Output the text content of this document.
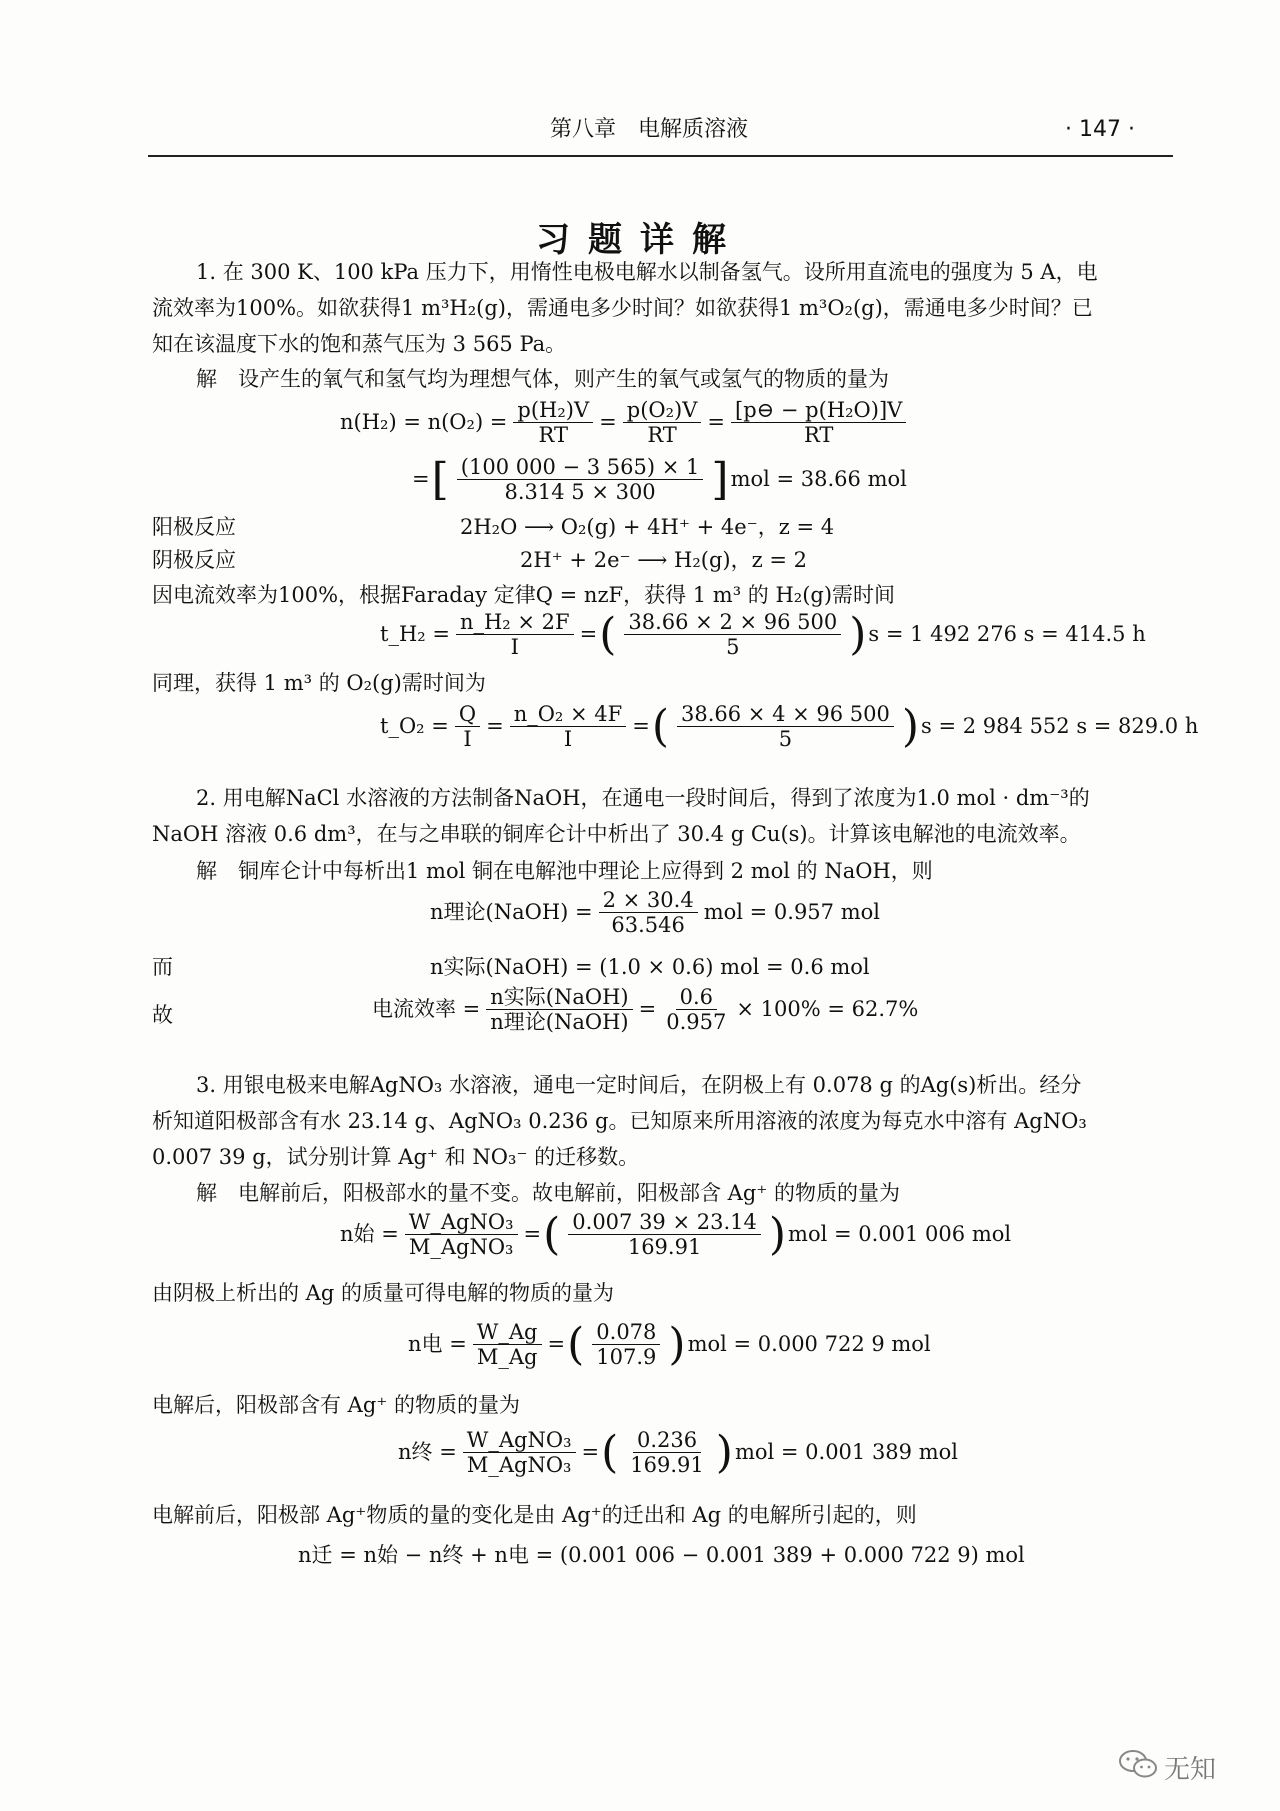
第八章　电解质溶液	· 147 ·
习题详解
1. 在 300 K、100 kPa 压力下，用惰性电极电解水以制备氢气。设所用直流电的强度为 5 A，电
流效率为100%。如欲获得1 m³H₂(g)，需通电多少时间？如欲获得1 m³O₂(g)，需通电多少时间？已
知在该温度下水的饱和蒸气压为 3 565 Pa。
解　设产生的氧气和氢气均为理想气体，则产生的氧气或氢气的物质的量为
$n(H_2) = n(O_2) = \frac{\text{p(H₂)V}}{RT} = \frac{\text{p(O₂)V}}{RT} = \frac{\text{[p⊖ − p(H₂O)]V}}{RT}$
= [ $\frac{(100 000 - 3 565) \times 1}{8.314 5 \times 300}$ ] mol = 38.66 mol
阳极反应	2H₂O ⟶ O₂(g) + 4H⁺ + 4e⁻，z = 4
阴极反应	2H⁺ + 2e⁻ ⟶ H₂(g)，z = 2
因电流效率为100%，根据Faraday 定律Q = nzF，获得 1 m³ 的 H₂(g)需时间
t_H₂ = $\frac{\text{n\_H₂ × 2F}}{I}$ = ( $\frac{38.66 \times 2 \times 96 500}{5}$ ) s = 1 492 276 s = 414.5 h
同理，获得 1 m³ 的 O₂(g)需时间为
t_O₂ = $\frac{Q}{I} = \frac{\text{n\_O₂ × 4F}}{I}$ = ( $\frac{38.66 \times 4 \times 96 500}{5}$ ) s = 2 984 552 s = 829.0 h
2. 用电解NaCl 水溶液的方法制备NaOH，在通电一段时间后，得到了浓度为1.0 mol · dm⁻³的
NaOH 溶液 0.6 dm³，在与之串联的铜库仑计中析出了 30.4 g Cu(s)。计算该电解池的电流效率。
解　铜库仑计中每析出1 mol 铜在电解池中理论上应得到 2 mol 的 NaOH，则
n理论(NaOH) = $\frac{2 \times 30.4}{63.546}$ mol = 0.957 mol
而	n实际(NaOH) = (1.0 × 0.6) mol = 0.6 mol
故	电流效率 = $\frac{\text{n实际(NaOH)}}{\text{n理论(NaOH)}} = \frac{0.6}{0.957} \times 100\% = 62.7\%$
3. 用银电极来电解AgNO₃ 水溶液，通电一定时间后，在阴极上有 0.078 g 的Ag(s)析出。经分
析知道阳极部含有水 23.14 g、AgNO₃ 0.236 g。已知原来所用溶液的浓度为每克水中溶有 AgNO₃
0.007 39 g，试分别计算 Ag⁺ 和 NO₃⁻ 的迁移数。
解　电解前后，阳极部水的量不变。故电解前，阳极部含 Ag⁺ 的物质的量为
n始 = $\frac{\text{W\_AgNO₃}}{\text{M\_AgNO₃}}$ = ( $\frac{0.007 39 \times 23.14}{169.91}$ ) mol = 0.001 006 mol
由阴极上析出的 Ag 的质量可得电解的物质的量为
n电 = $\frac{W\_Ag}{M\_Ag}$ = ( $\frac{0.078}{107.9}$ ) mol = 0.000 722 9 mol
电解后，阳极部含有 Ag⁺ 的物质的量为
n终 = $\frac{\text{W\_AgNO₃}}{\text{M\_AgNO₃}}$ = ( $\frac{0.236}{169.91}$ ) mol = 0.001 389 mol
电解前后，阳极部 Ag⁺物质的量的变化是由 Ag⁺的迁出和 Ag 的电解所引起的，则
n迁 = n始 − n终 + n电 = (0.001 006 − 0.001 389 + 0.000 722 9) mol
无知
